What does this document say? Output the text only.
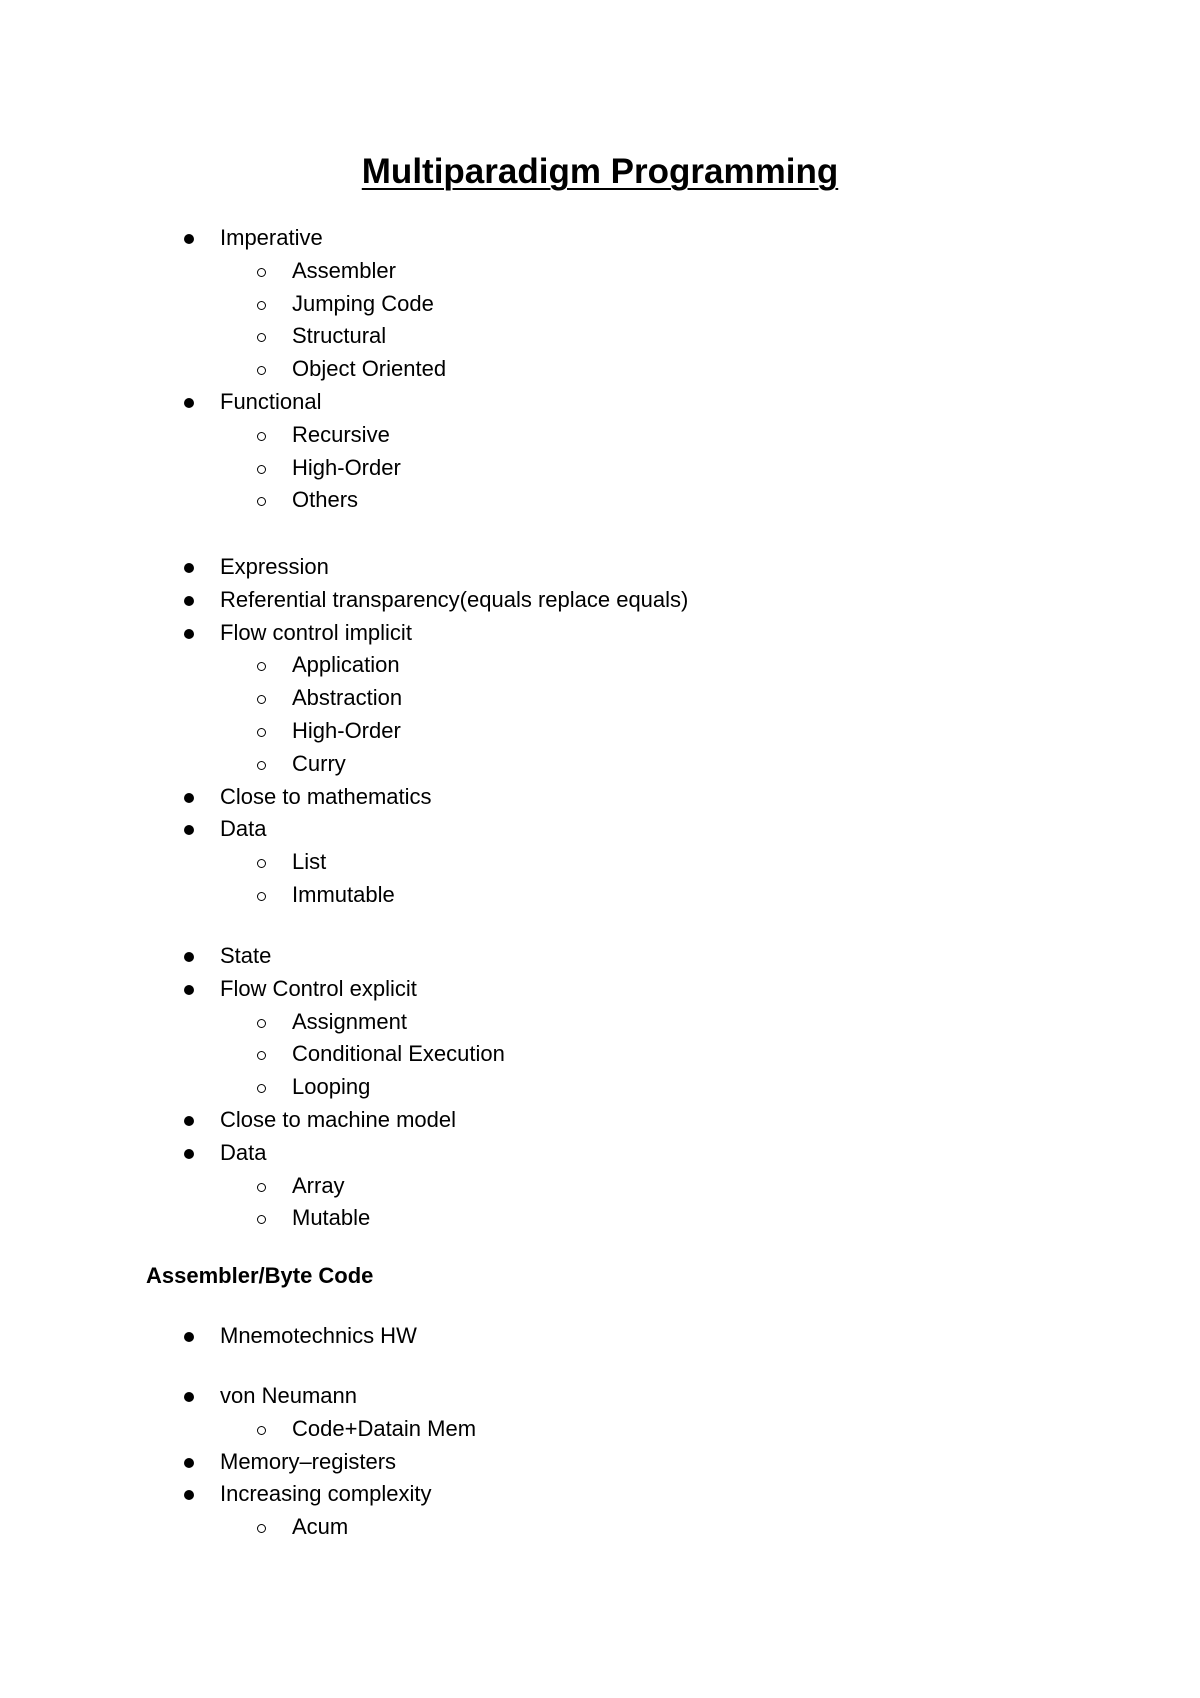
Multiparadigm Programming
Imperative
Assembler
Jumping Code
Structural
Object Oriented
Functional
Recursive
High-Order
Others
Expression
Referential transparency(equals replace equals)
Flow control implicit
Application
Abstraction
High-Order
Curry
Close to mathematics
Data
List
Immutable
State
Flow Control explicit
Assignment
Conditional Execution
Looping
Close to machine model
Data
Array
Mutable
Mnemotechnics HW
von Neumann
Code+Datain Mem
Memory–registers
Increasing complexity
Acum
Assembler/Byte Code
